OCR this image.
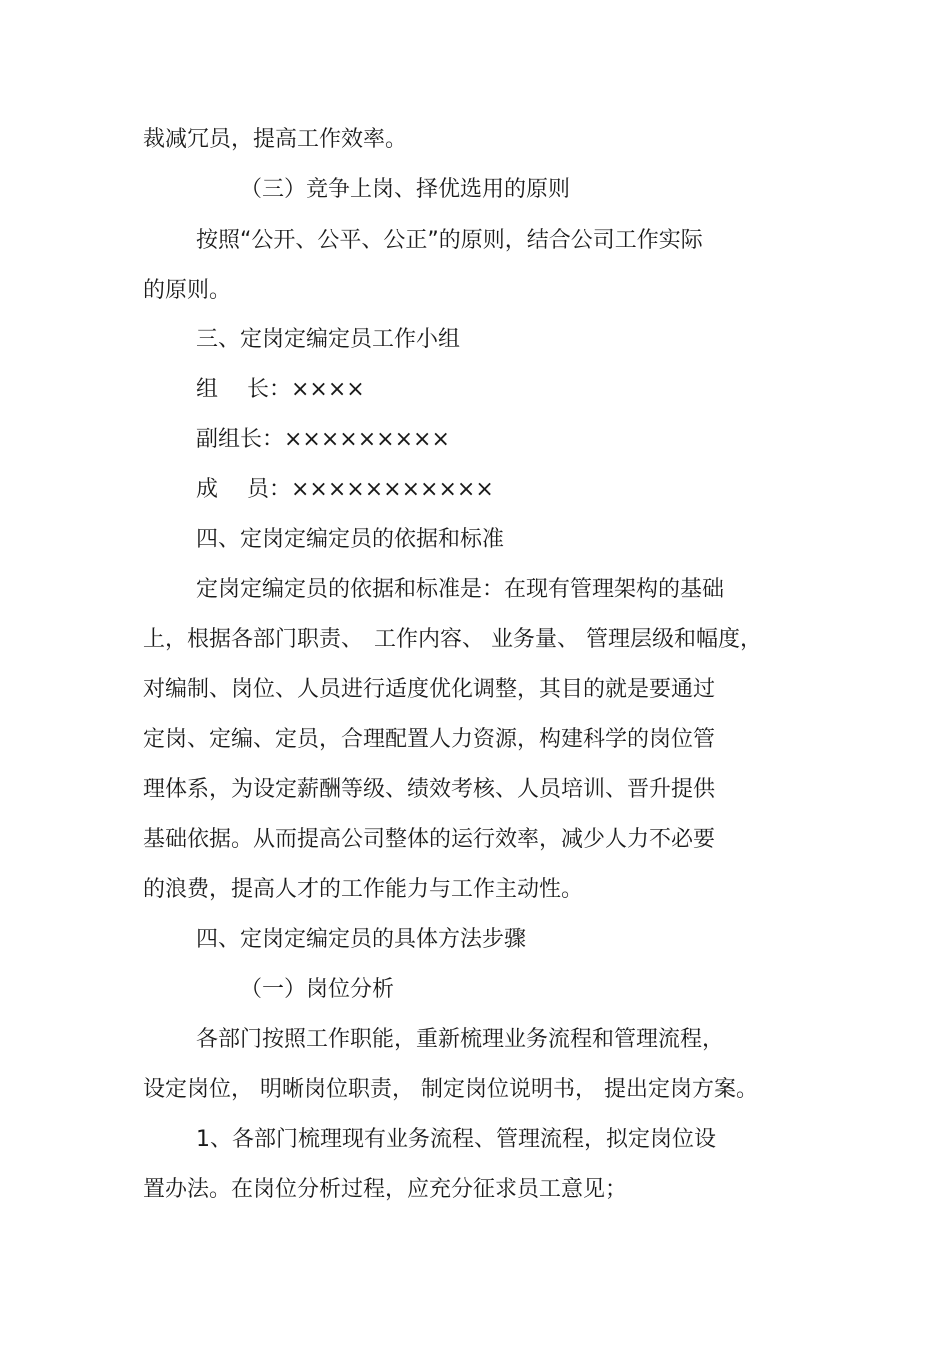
裁减冗员，提高工作效率。
（三）竞争上岗、择优选用的原则
按照“公开、公平、公正”的原则，结合公司工作实际
的原则。
三、定岗定编定员工作小组
组　 长：××××
副组长：×××××××××
成　 员：×××××××××××
四、定岗定编定员的依据和标准
定岗定编定员的依据和标准是：在现有管理架构的基础
上，根据各部门职责、　工作内容、 业务量、 管理层级和幅度，
对编制、岗位、人员进行适度优化调整，其目的就是要通过
定岗、定编、定员，合理配置人力资源，构建科学的岗位管
理体系，为设定薪酬等级、绩效考核、人员培训、晋升提供
基础依据。从而提高公司整体的运行效率，减少人力不必要
的浪费，提高人才的工作能力与工作主动性。
四、定岗定编定员的具体方法步骤
（一）岗位分析
各部门按照工作职能，重新梳理业务流程和管理流程，
设定岗位， 明晰岗位职责， 制定岗位说明书， 提出定岗方案。
1、各部门梳理现有业务流程、管理流程，拟定岗位设
置办法。在岗位分析过程，应充分征求员工意见；
